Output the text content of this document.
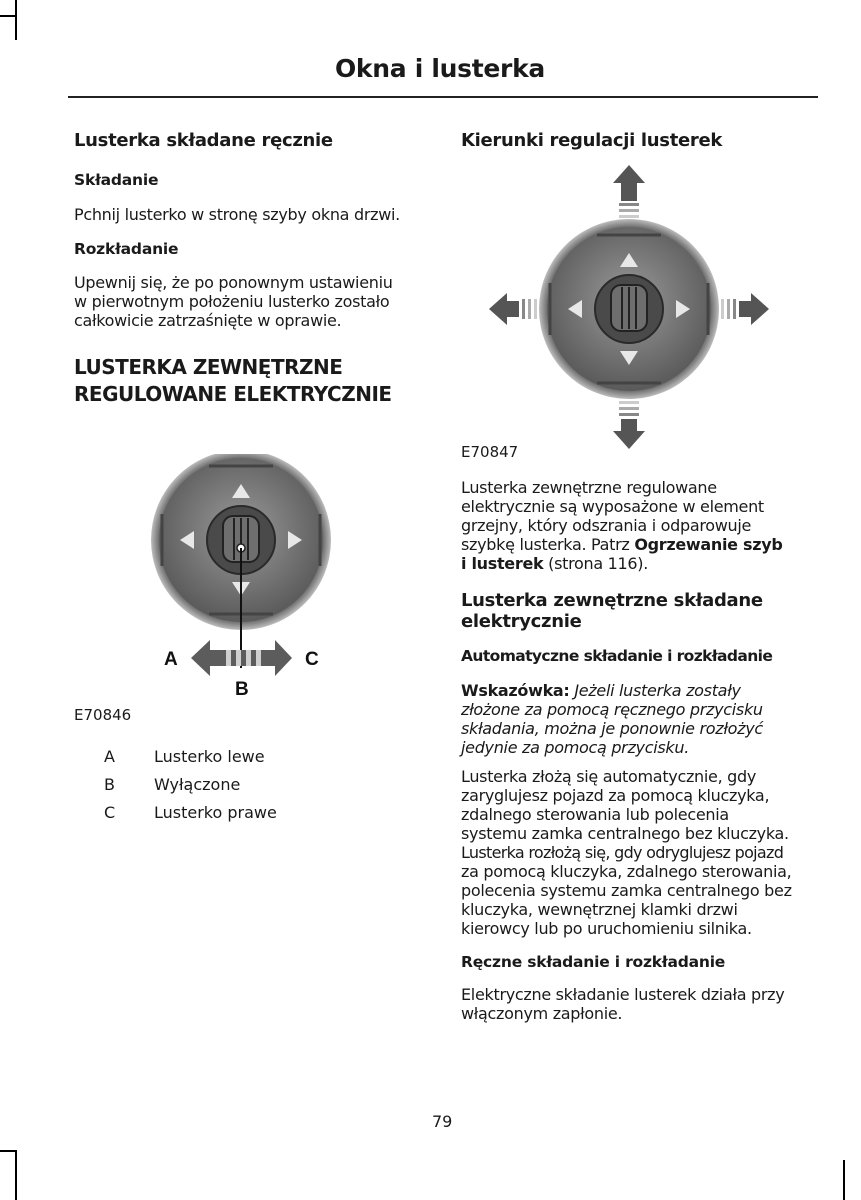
Okna i lusterka
Lusterka składane ręcznie
Składanie

Pchnij lusterko w stronę szyby okna drzwi.

Rozkładanie

Upewnij się, że po ponownym ustawieniu
w pierwotnym położeniu lusterko zostało
całkowicie zatrzaśnięte w oprawie.

LUSTERKA ZEWNĘTRZNE
REGULOWANE ELEKTRYCZNIE
A	C
B
E70846
A	Lusterko lewe
B	Wyłączone
C	Lusterko prawe
Kierunki regulacji lusterek
E70847

Lusterka zewnętrzne regulowane
elektrycznie są wyposażone w element
grzejny, który odszrania i odparowuje
szybkę lusterka. Patrz Ogrzewanie szyb
i lusterek (strona 116).

Lusterka zewnętrzne składane
elektrycznie
Automatyczne składanie i rozkładanie

Wskazówka: Jeżeli lusterka zostały
złożone za pomocą ręcznego przycisku
składania, można je ponownie rozłożyć
jedynie za pomocą przycisku.

Lusterka złożą się automatycznie, gdy
zaryglujesz pojazd za pomocą kluczyka,
zdalnego sterowania lub polecenia
systemu zamka centralnego bez kluczyka.
Lusterka rozłożą się, gdy odryglujesz pojazd
za pomocą kluczyka, zdalnego sterowania,
polecenia systemu zamka centralnego bez
kluczyka, wewnętrznej klamki drzwi
kierowcy lub po uruchomieniu silnika.

Ręczne składanie i rozkładanie

Elektryczne składanie lusterek działa przy
włączonym zapłonie.

79
